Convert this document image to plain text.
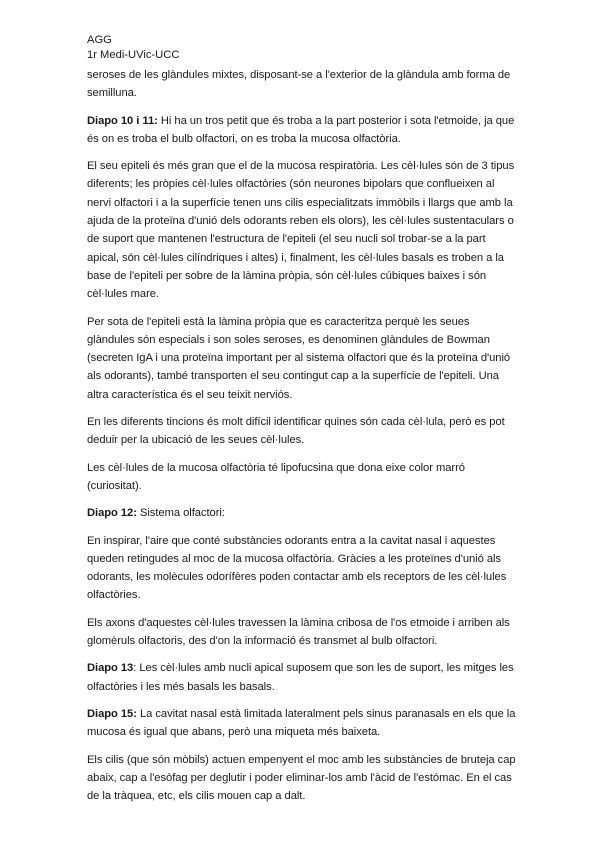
AGG
1r Medi-UVic-UCC

seroses de les glàndules mixtes, disposant-se a l'exterior de la glàndula amb forma de semilluna.

Diapo 10 i 11: Hi ha un tros petit que és troba a la part posterior i sota l'etmoide, ja que és on es troba el bulb olfactori, on es troba la mucosa olfactòria.

El seu epiteli és més gran que el de la mucosa respiratòria. Les cèl·lules són de 3 tipus diferents; les pròpies cèl·lules olfactòries (són neurones bipolars que conflueixen al nervi olfactori i a la superfície tenen uns cilis especialitzats immòbils i llargs que amb la ajuda de la proteïna d'unió dels odorants reben els olors), les cèl·lules sustentaculars o de suport que mantenen l'estructura de l'epiteli (el seu nucli sol trobar-se a la part apical, són cèl·lules cilíndriques i altes) i, finalment, les cèl·lules basals es troben a la base de l'epiteli per sobre de la làmina pròpia, són cèl·lules cúbiques baixes i són cèl·lules mare.

Per sota de l'epiteli està la làmina pròpia que es caracteritza perquè les seues glàndules són especials i son soles seroses, es denominen glàndules de Bowman (secreten IgA i una proteïna important per al sistema olfactori que és la proteïna d'unió als odorants), també transporten el seu contingut cap a la superfície de l'epiteli. Una altra característica és el seu teixit nerviós.

En les diferents tincions és molt difícil identificar quines són cada cèl·lula, però es pot deduir per la ubicació de les seues cèl·lules.

Les cèl·lules de la mucosa olfactòria té lipofucsina que dona eixe color marró (curiositat).

Diapo 12: Sistema olfactori:

En inspirar, l'aire que conté substàncies odorants entra a la cavitat nasal i aquestes queden retingudes al moc de la mucosa olfactòria. Gràcies a les proteïnes d'unió als odorants, les molècules odorífères poden contactar amb els receptors de les cèl·lules olfactòries.

Els axons d'aquestes cèl·lules travessen la làmina cribosa de l'os etmoide i arriben als glomèruls olfactoris, des d'on la informació és transmet al bulb olfactori.

Diapo 13: Les cèl·lules amb nucli apical suposem que son les de suport, les mitges les olfactòries i les més basals les basals.

Diapo 15: La cavitat nasal està limitada lateralment pels sinus paranasals en els que la mucosa és igual que abans, però una miqueta més baixeta.

Els cilis (que són mòbils) actuen empenyent el moc amb les substàncies de bruteja cap abaix, cap a l'esòfag per deglutir i poder eliminar-los amb l'àcid de l'estómac. En el cas de la tràquea, etc, els cilis mouen cap a dalt.
